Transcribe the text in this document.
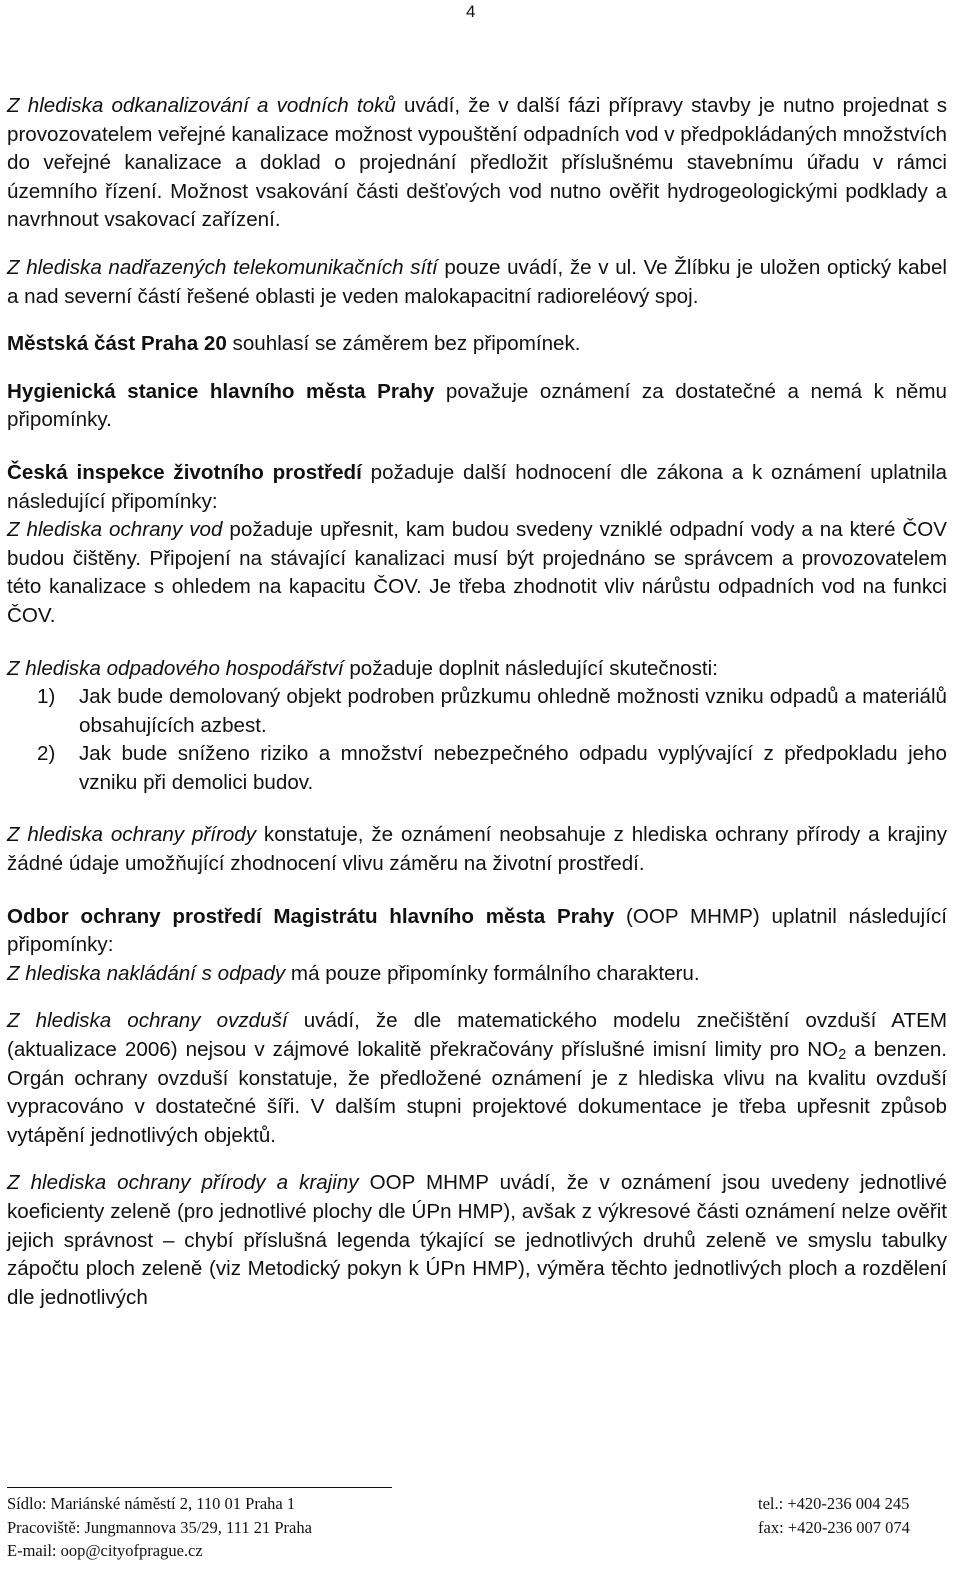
4

Z hlediska odkanalizování a vodních toků uvádí, že v další fázi přípravy stavby je nutno projednat s provozovatelem veřejné kanalizace možnost vypouštění odpadních vod v předpokládaných množstvích do veřejné kanalizace a doklad o projednání předložit příslušnému stavebnímu úřadu v rámci územního řízení. Možnost vsakování části dešťových vod nutno ověřit hydrogeologickými podklady a navrhnout vsakovací zařízení.

Z hlediska nadřazených telekomunikačních sítí pouze uvádí, že v ul. Ve Žlíbku je uložen optický kabel a nad severní částí řešené oblasti je veden malokapacitní radioreléový spoj.

Městská část Praha 20 souhlasí se záměrem bez připomínek.

Hygienická stanice hlavního města Prahy považuje oznámení za dostatečné a nemá k němu připomínky.

Česká inspekce životního prostředí požaduje další hodnocení dle zákona a k oznámení uplatnila následující připomínky:

Z hlediska ochrany vod požaduje upřesnit, kam budou svedeny vzniklé odpadní vody a na které ČOV budou čištěny. Připojení na stávající kanalizaci musí být projednáno se správcem a provozovatelem této kanalizace s ohledem na kapacitu ČOV. Je třeba zhodnotit vliv nárůstu odpadních vod na funkci ČOV.

Z hlediska odpadového hospodářství požaduje doplnit následující skutečnosti:

1) Jak bude demolovaný objekt podroben průzkumu ohledně možnosti vzniku odpadů a materiálů obsahujících azbest.
2) Jak bude sníženo riziko a množství nebezpečného odpadu vyplývající z předpokladu jeho vzniku při demolici budov.

Z hlediska ochrany přírody konstatuje, že oznámení neobsahuje z hlediska ochrany přírody a krajiny žádné údaje umožňující zhodnocení vlivu záměru na životní prostředí.

Odbor ochrany prostředí Magistrátu hlavního města Prahy (OOP MHMP) uplatnil následující připomínky:

Z hlediska nakládání s odpady má pouze připomínky formálního charakteru.

Z hlediska ochrany ovzduší uvádí, že dle matematického modelu znečištění ovzduší ATEM (aktualizace 2006) nejsou v zájmové lokalitě překračovány příslušné imisní limity pro $NO_2$ a benzen. Orgán ochrany ovzduší konstatuje, že předložené oznámení je z hlediska vlivu na kvalitu ovzduší vypracováno v dostatečné šíři. V dalším stupni projektové dokumentace je třeba upřesnit způsob vytápění jednotlivých objektů.

Z hlediska ochrany přírody a krajiny OOP MHMP uvádí, že v oznámení jsou uvedeny jednotlivé koeficienty zeleně (pro jednotlivé plochy dle ÚPn HMP), avšak z výkresové části oznámení nelze ověřit jejich správnost – chybí příslušná legenda týkající se jednotlivých druhů zeleně ve smyslu tabulky zápočtu ploch zeleně (viz Metodický pokyn k ÚPn HMP), výměra těchto jednotlivých ploch a rozdělení dle jednotlivých

Sídlo: Mariánské náměstí 2, 110 01 Praha 1
Pracoviště: Jungmannova 35/29, 111 21 Praha
E-mail: oop@cityofprague.cz
tel.: +420-236 004 245
fax: +420-236 007 074
